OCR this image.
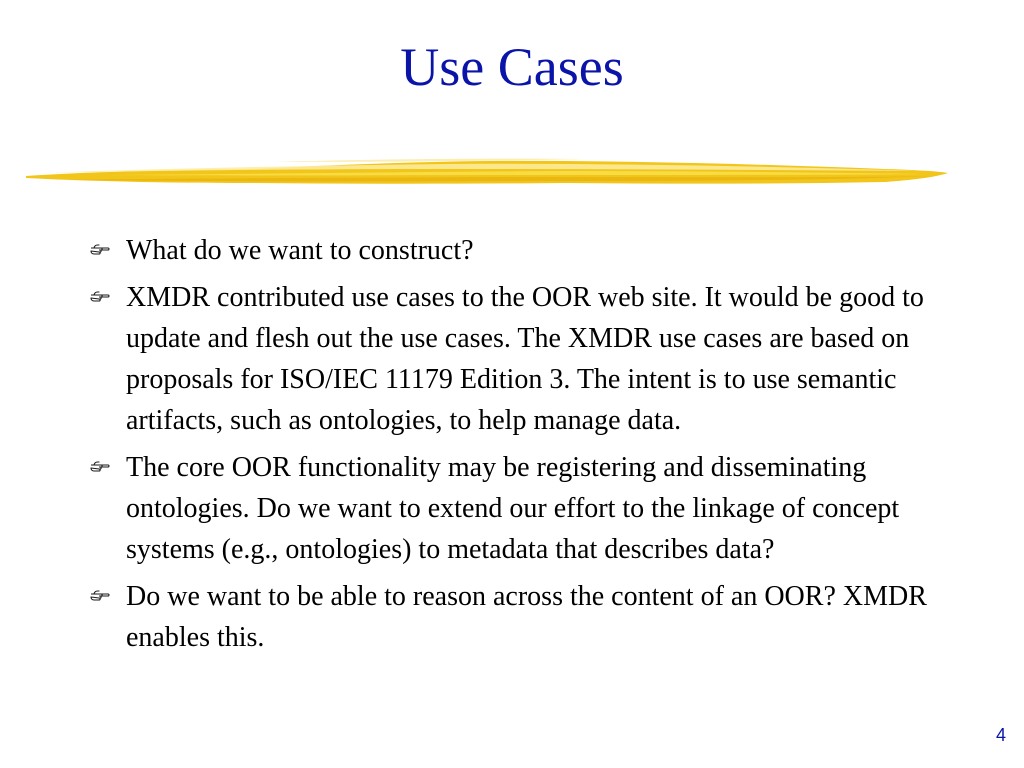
Use Cases
What do we want to construct?
XMDR contributed use cases to the OOR web site. It would be good to update and flesh out the use cases. The XMDR use cases are based on proposals for ISO/IEC 11179 Edition 3. The intent is to use semantic artifacts, such as ontologies, to help manage data.
The core OOR functionality may be registering and disseminating ontologies. Do we want to extend our effort to the linkage of concept systems (e.g., ontologies) to metadata that describes data?
Do we want to be able to reason across the content of an OOR? XMDR enables this.
4
